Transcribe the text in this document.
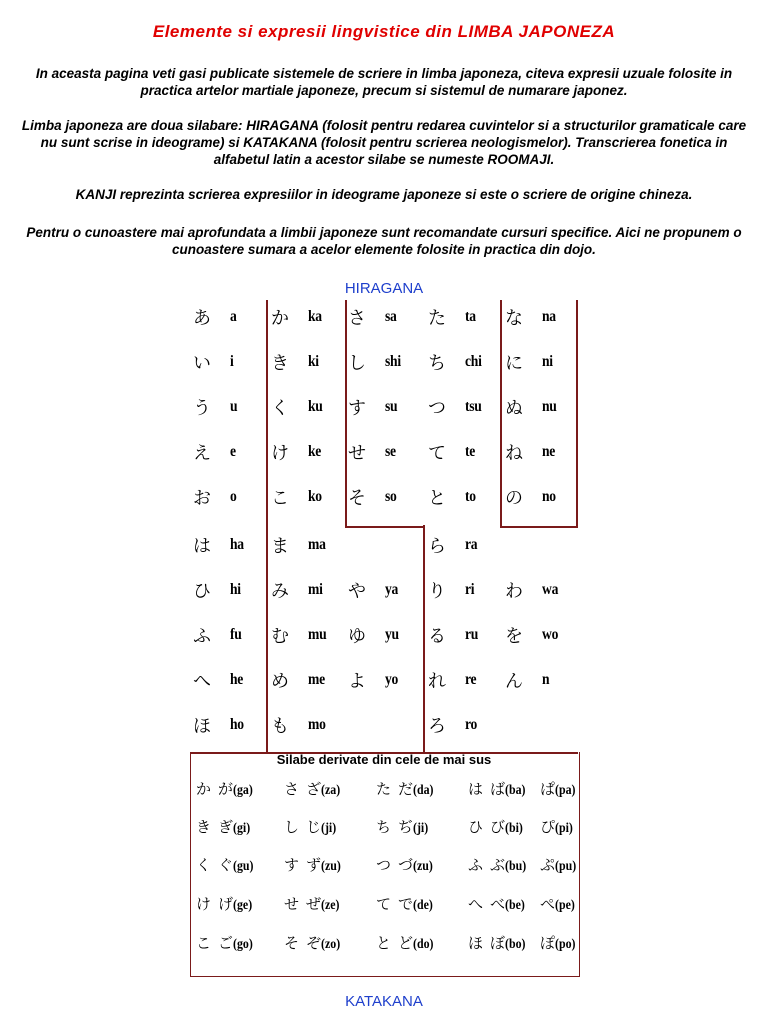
Elemente si expresii lingvistice din LIMBA JAPONEZA
In aceasta pagina veti gasi publicate sistemele de scriere in limba japoneza, citeva expresii uzuale folosite in practica artelor martiale japoneze, precum si sistemul de numarare japonez.
Limba japoneza are doua silabare: HIRAGANA (folosit pentru redarea cuvintelor si a structurilor gramaticale care nu sunt scrise in ideograme) si KATAKANA (folosit pentru scrierea neologismelor). Transcrierea fonetica in alfabetul latin a acestor silabe se numeste ROOMAJI.
KANJI reprezinta scrierea expresiilor in ideograme japoneze si este o scriere de origine chineza.
Pentru o cunoastere mai aprofundata a limbii japoneze sunt recomandate cursuri specifice. Aici ne propunem o cunoastere sumara a acelor elemente folosite in practica din dojo.
HIRAGANA
あ a
い i
う u
え e
お o
は ha
ひ hi
ふ fu
へ he
ほ ho
か ka
き ki
く ku
け ke
こ ko
ま ma
み mi
む mu
め me
も mo
さ sa
し shi
す su
せ se
そ so
や ya
ゆ yu
よ yo
た ta
ち chi
つ tsu
て te
と to
ら ra
り ri
る ru
れ re
ろ ro
な na
に ni
ぬ nu
ね ne
の no
わ wa
を wo
ん n
Silabe derivate din cele de mai sus
か が(ga) さ ざ(za) た だ(da) は ば(ba) ぱ(pa)
き ぎ(gi) し じ(ji)	ち ぢ(ji)	ひ び(bi) ぴ(pi)
く ぐ(gu) す ず(zu) つ づ(zu) ふ ぶ(bu) ぷ(pu)
け げ(ge) せ ぜ(ze) て で(de) へ べ(be) ぺ(pe)
こ ご(go) そ ぞ(zo) と ど(do) ほ ぼ(bo) ぽ(po)
KATAKANA
